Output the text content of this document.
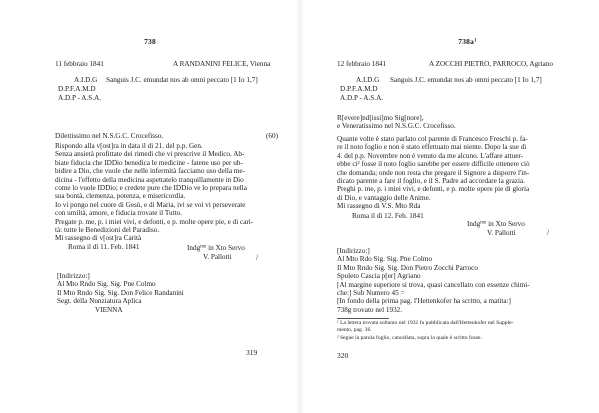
738
11 febbraio 1841	A RANDANINI FELICE, Vienna
A.I.D.G Sanguis J.C. emundat nos ab omni peccato [1 Io 1,7]
D.P.F.A.M.D
A.D.P - A.S.A.
Dilettissimo nel N.S.G.C. Crocefisso.	(60)
Rispondo alla v[ost]ra in data il di 21. del p.p. Gen.
Senza ansietà profittate dei rimedi che vi prescrive il Medico. Ab-
biate fiducia che IDDio benedica le medicine - fatene uso per ub-
bidire a Dio, che vuole che nelle infermità facciamo uso della me-
dicina - l'effetto della medicina aspettatelo tranquillamente in Dio
come lo vuole IDDio; e credete pure che IDDio ve lo prepara nella
sua bontà, clemenza, potenza, e misericordia.
Io vi pongo nel cuore di Gesù, e di Maria, ivi se voi vi perseverate
con umiltà, amore, e fiducia trovate il Tutto.
Pregate p. me, p. i miei vivi, e defonti, e p. molte opere pie, e di cari-
tà: tutte le Benedizioni del Paradiso.
Mi rassegno di v[ost]ra Carità
Roma il dì 11. Feb. 1841	Indg$^{mo}$ in Xto Servo
V. Pallotti	/
[Indirizzo:]
Al Mto Rndo Sig. Sig. Pne Colmo
Il Mto Rndo Sig. Sig. Don Felice Randanini
Segt. della Nunziatura Aplica
VIENNA
319
$738a^1$
12 febbraio 1841	A ZOCCHI PIETRO, PARROCO, Agriano
A.I.D.G Sanguis J.C. emundat nos ab omni peccato [1 Io 1,7]
D.P.F.A.M.D
A.D.P - A.S.A.
R[evere]nd[issi]mo Sig[nore],
e Veneratissimo nel N.S.G.C. Crocefisso.
Quante volte è stato parlato col parente di Francesco Freschi p. fa-
re il noto foglio e non è stato effettuato mai niente. Dopo la sue di
4. del p.p. Novembre non è venuto da me alcuno. L'affare attuer-
ebbe ci² fosse il noto foglio sarebbe per essere difficile ottenere ciò
che domanda; onde non resta che pregare il Signore a disporre l'in-
dicato parente a fare il foglio, e il S. Padre ad accordare la grazia.
Preghi p. me, p. i miei vivi, e defonti, e p. molte opere pie di gloria
di Dio, e vantaggio delle Anime.
Mi rassegno di V.S. Mto Rda
Roma il dì 12. Feb. 1841
Indg$^{mo}$ in Xto Servo
V. Pallotti	/
[Indirizzo:]
Al Mto Rdo Sig. Sig. Pne Colmo
Il Mto Rndo Sig. Sig. Don Pietro Zocchi Parroco
Spoleto Cascia p[er] Agriano
[Al margine superiore si trova, quasi cancellato con essenze chimi-
che:] Sub Numero 45 =
[In fondo della prima pag. l'Hettenkofer ha scritto, a matita:]
738g trovato nel 1932.
¹ La lettera trovata soltanto nel 1932 fu pubblicata dall'Hettenkofer nel Supple-
mento, pag. 36.
² Segue la parola foglio, cancellata, sopra la quale è scritto fosse.
320
